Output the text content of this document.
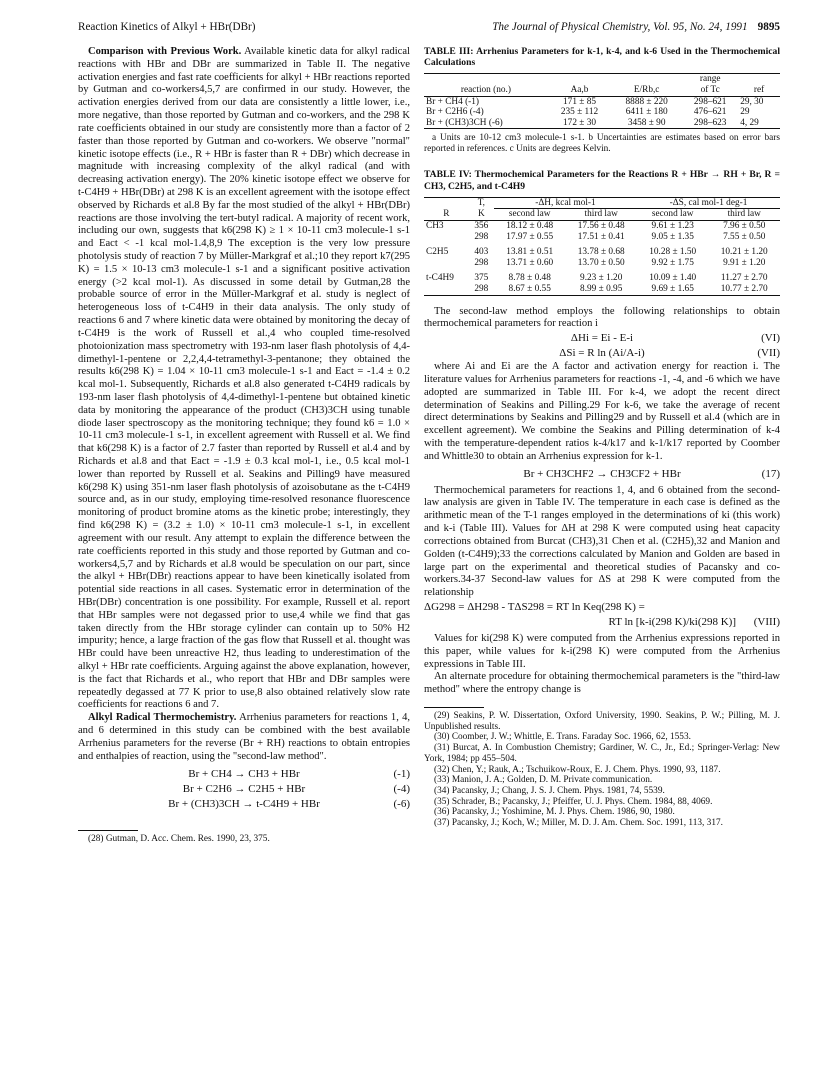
Reaction Kinetics of Alkyl + HBr(DBr)	The Journal of Physical Chemistry, Vol. 95, No. 24, 1991 9895

Comparison with Previous Work. Available kinetic data for alkyl radical reactions with HBr and DBr are summarized in Table II. The negative activation energies and fast rate coefficients for alkyl + HBr reactions reported by Gutman and co-workers4,5,7 are confirmed in our study. However, the activation energies derived from our data are consistently a little lower, i.e., more negative, than those reported by Gutman and co-workers, and the 298 K rate coefficients obtained in our study are consistently more than a factor of 2 faster than those reported by Gutman and co-workers. We observe "normal" kinetic isotope effects (i.e., R + HBr is faster than R + DBr) which decrease in magnitude with increasing complexity of the alkyl radical (and with decreasing activation energy). The 20% kinetic isotope effect we observe for t-C4H9 + HBr(DBr) at 298 K is an excellent agreement with the isotope effect observed by Richards et al.8 By far the most studied of the alkyl + HBr(DBr) reactions are those involving the tert-butyl radical. A majority of recent work, including our own, suggests that k6(298 K) ≥ 1 × 10-11 cm3 molecule-1 s-1 and Eact < -1 kcal mol-1.4,8,9 The exception is the very low pressure photolysis study of reaction 7 by Müller-Markgraf et al.;10 they report k7(295 K) = 1.5 × 10-13 cm3 molecule-1 s-1 and a significant positive activation energy (>2 kcal mol-1). As discussed in some detail by Gutman,28 the probable source of error in the Müller-Markgraf et al. study is neglect of heterogeneous loss of t-C4H9 in their data analysis. The only study of reactions 6 and 7 where kinetic data were obtained by monitoring the decay of t-C4H9 is the work of Russell et al.,4 who coupled time-resolved photoionization mass spectrometry with 193-nm laser flash photolysis of 4,4-dimethyl-1-pentene or 2,2,4,4-tetramethyl-3-pentanone; they obtained the results k6(298 K) = 1.04 × 10-11 cm3 molecule-1 s-1 and Eact = -1.4 ± 0.2 kcal mol-1. Subsequently, Richards et al.8 also generated t-C4H9 radicals by 193-nm laser flash photolysis of 4,4-dimethyl-1-pentene but obtained kinetic data by monitoring the appearance of the product (CH3)3CH using tunable diode laser spectroscopy as the monitoring technique; they found k6 = 1.0 × 10-11 cm3 molecule-1 s-1, in excellent agreement with Russell et al. We find that k6(298 K) is a factor of 2.7 faster than reported by Russell et al.4 and by Richards et al.8 and that Eact = -1.9 ± 0.3 kcal mol-1, i.e., 0.5 kcal mol-1 lower than reported by Russell et al. Seakins and Pilling9 have measured k6(298 K) using 351-nm laser flash photolysis of azoisobutane as the t-C4H9 source and, as in our study, employing time-resolved resonance fluorescence monitoring of product bromine atoms as the kinetic probe; interestingly, they find k6(298 K) = (3.2 ± 1.0) × 10-11 cm3 molecule-1 s-1, in excellent agreement with our result. Any attempt to explain the difference between the rate coefficients reported in this study and those reported by Gutman and co-workers4,5,7 and by Richards et al.8 would be speculation on our part, since the alkyl + HBr(DBr) reactions appear to have been kinetically isolated from potential side reactions in all cases. Systematic error in determination of the HBr(DBr) concentration is one possibility. For example, Russell et al. report that HBr samples were not degassed prior to use,4 while we find that gas taken directly from the HBr storage cylinder can contain up to 50% H2 impurity; hence, a large fraction of the gas flow that Russell et al. thought was HBr could have been unreactive H2, thus leading to underestimation of the alkyl + HBr rate coefficients. Arguing against the above explanation, however, is the fact that Richards et al., who report that HBr and DBr samples were repeatedly degassed at 77 K prior to use,8 also obtained relatively slow rate coefficients for reactions 6 and 7.

Alkyl Radical Thermochemistry. Arrhenius parameters for reactions 1, 4, and 6 determined in this study can be combined with the best available Arrhenius parameters for the reverse (Br + RH) reactions to obtain entropies and enthalpies of reaction, using the "second-law method".

Br + CH4 → CH3 + HBr	(-1)
Br + C2H6 → C2H5 + HBr	(-4)
Br + (CH3)3CH → t-C4H9 + HBr	(-6)
(28) Gutman, D. Acc. Chem. Res. 1990, 23, 375.
TABLE III: Arrhenius Parameters for k-1, k-4, and k-6 Used in the Thermochemical Calculations
			range	
reaction (no.)	Aa,b	E/Rb,c	of Tc	ref
Br + CH4 (-1)	171 ± 85	8888 ± 220	298–621	29, 30
Br + C2H6 (-4)	235 ± 112	6411 ± 180	476–621	29
Br + (CH3)3CH (-6)	172 ± 30	3458 ± 90	298–623	4, 29
a Units are 10-12 cm3 molecule-1 s-1. b Uncertainties are estimates based on error bars reported in references. c Units are degrees Kelvin.
TABLE IV: Thermochemical Parameters for the Reactions R + HBr → RH + Br, R = CH3, C2H5, and t-C4H9
	T,	-ΔH, kcal mol-1		-ΔS, cal mol-1 deg-1	
R	K	second law	third law	second law	third law
CH3	356	18.12 ± 0.48	17.56 ± 0.48	9.61 ± 1.23	7.96 ± 0.50
	298	17.97 ± 0.55	17.51 ± 0.41	9.05 ± 1.35	7.55 ± 0.50

C2H5	403	13.81 ± 0.51	13.78 ± 0.68	10.28 ± 1.50	10.21 ± 1.20
	298	13.71 ± 0.60	13.70 ± 0.50	9.92 ± 1.75	9.91 ± 1.20

t-C4H9	375	8.78 ± 0.48	9.23 ± 1.20	10.09 ± 1.40	11.27 ± 2.70
	298	8.67 ± 0.55	8.99 ± 0.95	9.69 ± 1.65	10.77 ± 2.70

The second-law method employs the following relationships to obtain thermochemical parameters for reaction i

ΔHi = Ei - E-i	(VI)
ΔSi = R ln (Ai/A-i)	(VII)

where Ai and Ei are the A factor and activation energy for reaction i. The literature values for Arrhenius parameters for reactions -1, -4, and -6 which we have adopted are summarized in Table III. For k-4, we adopt the recent direct determination of Seakins and Pilling.29 For k-6, we take the average of recent direct determinations by Seakins and Pilling29 and by Russell et al.4 (which are in excellent agreement). We combine the Seakins and Pilling determination of k-4 with the temperature-dependent ratios k-4/k17 and k-1/k17 reported by Coomber and Whittle30 to obtain an Arrhenius expression for k-1.

Br + CH3CHF2 → CH3CF2 + HBr	(17)

Thermochemical parameters for reactions 1, 4, and 6 obtained from the second-law analysis are given in Table IV. The temperature in each case is defined as the arithmetic mean of the T-1 ranges employed in the determinations of ki (this work) and k-i (Table III). Values for ΔH at 298 K were computed using heat capacity corrections obtained from Burcat (CH3),31 Chen et al. (C2H5),32 and Manion and Golden (t-C4H9);33 the corrections calculated by Manion and Golden are based in large part on the experimental and theoretical studies of Pacansky and co-workers.34-37 Second-law values for ΔS at 298 K were computed from the relationship

ΔG298 = ΔH298 - TΔS298 = RT ln Keq(298 K) =
RT ln [k-i(298 K)/ki(298 K)] (VIII)

Values for ki(298 K) were computed from the Arrhenius expressions reported in this paper, while values for k-i(298 K) were computed from the Arrhenius expressions in Table III.

An alternate procedure for obtaining thermochemical parameters is the "third-law method" where the entropy change is

(29) Seakins, P. W. Dissertation, Oxford University, 1990. Seakins, P. W.; Pilling, M. J. Unpublished results.
(30) Coomber, J. W.; Whittle, E. Trans. Faraday Soc. 1966, 62, 1553.
(31) Burcat, A. In Combustion Chemistry; Gardiner, W. C., Jr., Ed.; Springer-Verlag: New York, 1984; pp 455–504.
(32) Chen, Y.; Rauk, A.; Tschuikow-Roux, E. J. Chem. Phys. 1990, 93, 1187.
(33) Manion, J. A.; Golden, D. M. Private communication.
(34) Pacansky, J.; Chang, J. S. J. Chem. Phys. 1981, 74, 5539.
(35) Schrader, B.; Pacansky, J.; Pfeiffer, U. J. Phys. Chem. 1984, 88, 4069.
(36) Pacansky, J.; Yoshimine, M. J. Phys. Chem. 1986, 90, 1980.
(37) Pacansky, J.; Koch, W.; Miller, M. D. J. Am. Chem. Soc. 1991, 113, 317.
